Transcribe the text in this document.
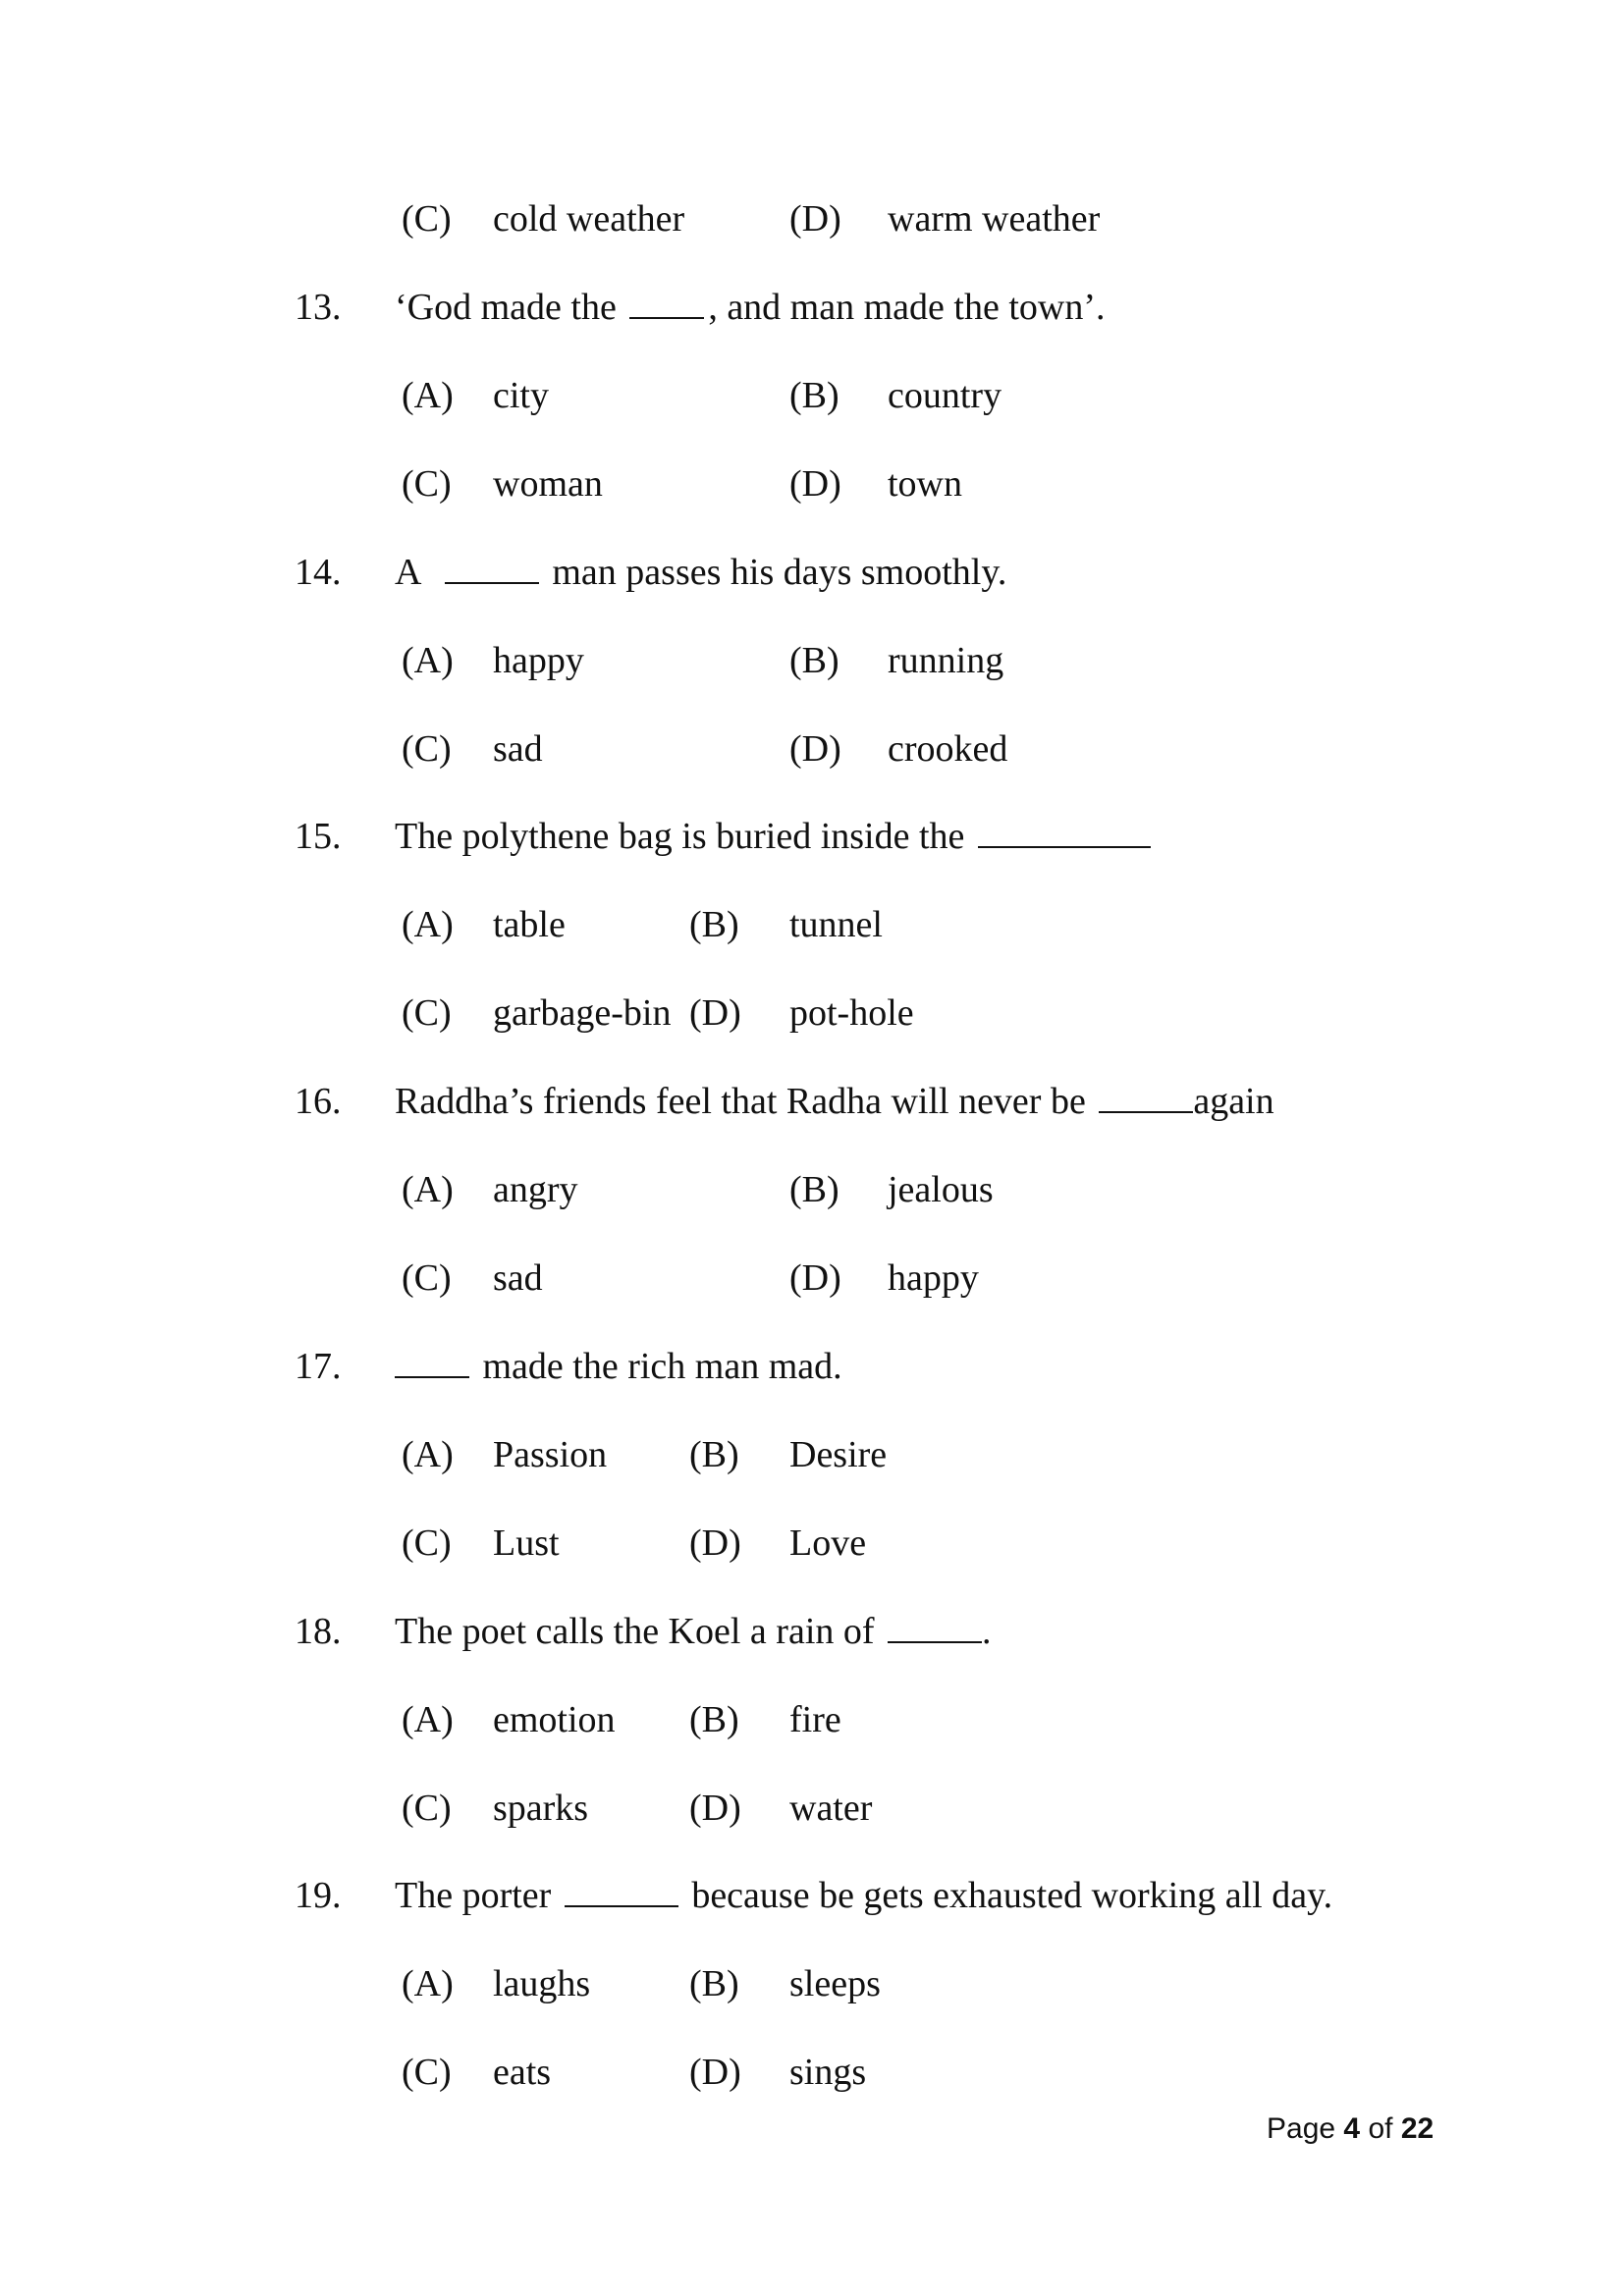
(C) cold weather	(D) warm weather
13. ‘God made the , and man made the town’.
(A) city	(B) country
(C) woman	(D) town
14. A	man passes his days smoothly.
(A) happy	(B) running
(C) sad	(D) crooked
15. The polythene bag is buried inside the
(A) table	(B) tunnel
(C) garbage-bin (D) pot-hole
16. Raddha’s friends feel that Radha will never be	again
(A) angry	(B) jealous
(C) sad	(D) happy
17.	made the rich man mad.
(A) Passion (B) Desire
(C) Lust	(D) Love
18. The poet calls the Koel a rain of	.
(A) emotion (B) fire
(C) sparks	(D) water
19. The porter	because be gets exhausted working all day.
(A) laughs	(B) sleeps
(C) eats	(D) sings
Page 4 of 22
